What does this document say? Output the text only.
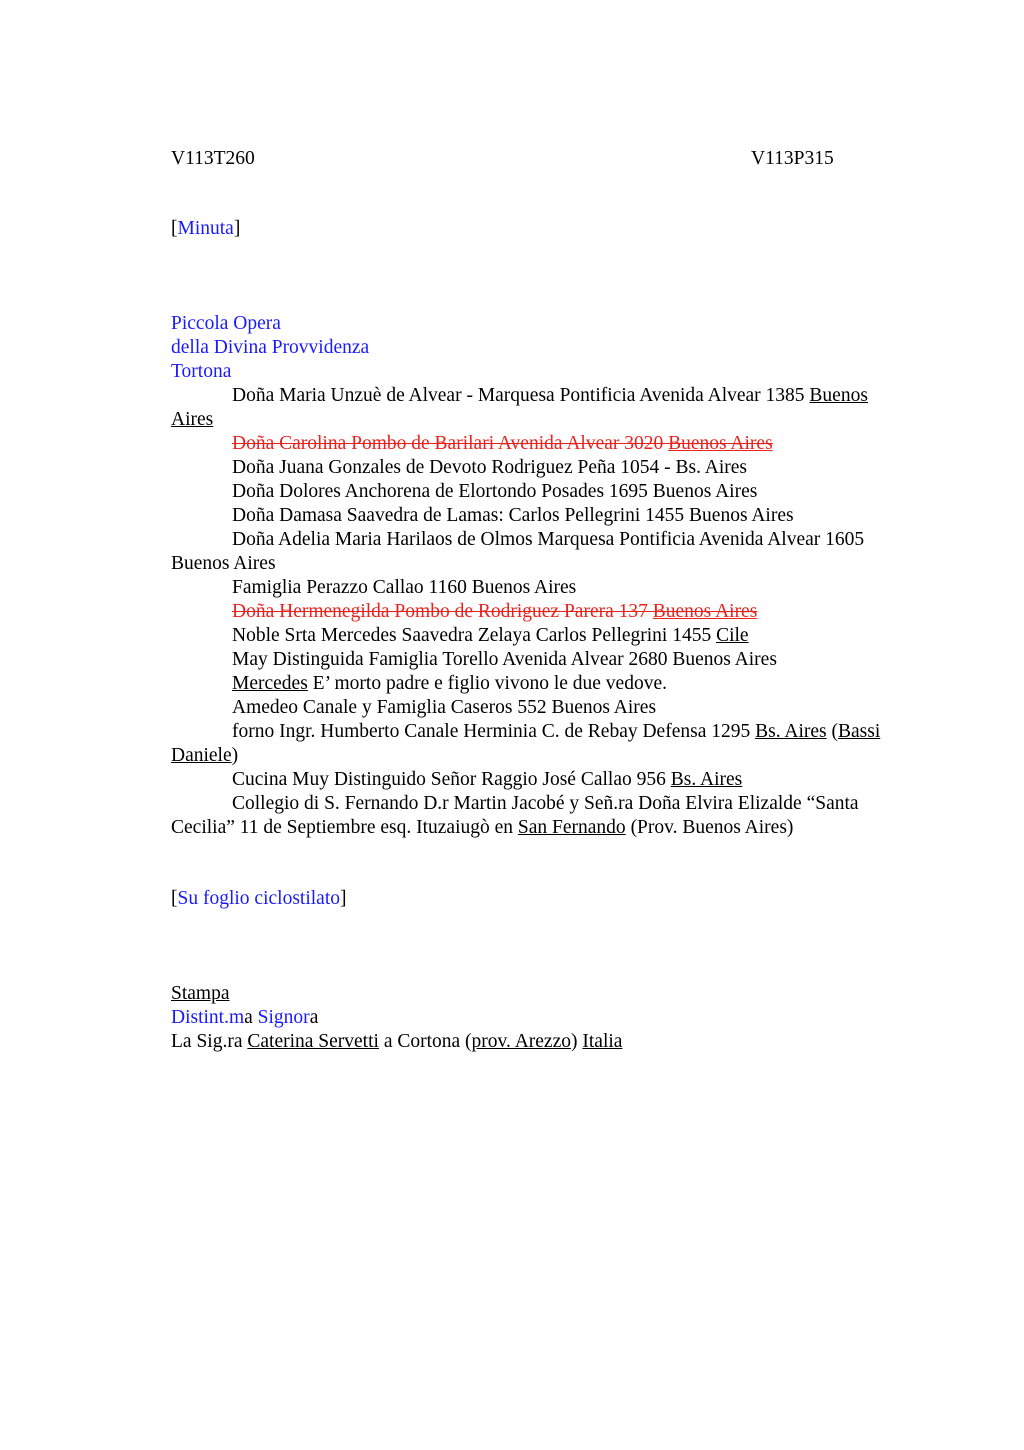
V113T260	V113P315
[Minuta]
Piccola Opera
della Divina Provvidenza
Tortona
Doña Maria Unzuè de Alvear - Marquesa Pontificia Avenida Alvear 1385 Buenos
Aires
Doña Carolina Pombo de Barilari Avenida Alvear 3020 Buenos Aires
Doña Juana Gonzales de Devoto Rodriguez Peña 1054 - Bs. Aires
Doña Dolores Anchorena de Elortondo Posades 1695 Buenos Aires
Doña Damasa Saavedra de Lamas: Carlos Pellegrini 1455 Buenos Aires
Doña Adelia Maria Harilaos de Olmos Marquesa Pontificia Avenida Alvear 1605
Buenos Aires
Famiglia Perazzo Callao 1160 Buenos Aires
Doña Hermenegilda Pombo de Rodriguez Parera 137 Buenos Aires
Noble Srta Mercedes Saavedra Zelaya Carlos Pellegrini 1455 Cile
May Distinguida Famiglia Torello Avenida Alvear 2680 Buenos Aires
Mercedes E’ morto padre e figlio vivono le due vedove.
Amedeo Canale y Famiglia Caseros 552 Buenos Aires
forno Ingr. Humberto Canale Herminia C. de Rebay Defensa 1295 Bs. Aires (Bassi
Daniele)
Cucina Muy Distinguido Señor Raggio José Callao 956 Bs. Aires
Collegio di S. Fernando D.r Martin Jacobé y Señ.ra Doña Elvira Elizalde “Santa
Cecilia” 11 de Septiembre esq. Ituzaiugò en San Fernando (Prov. Buenos Aires)
[Su foglio ciclostilato]
Stampa
Distint.ma Signora
La Sig.ra Caterina Servetti a Cortona (prov. Arezzo) Italia
